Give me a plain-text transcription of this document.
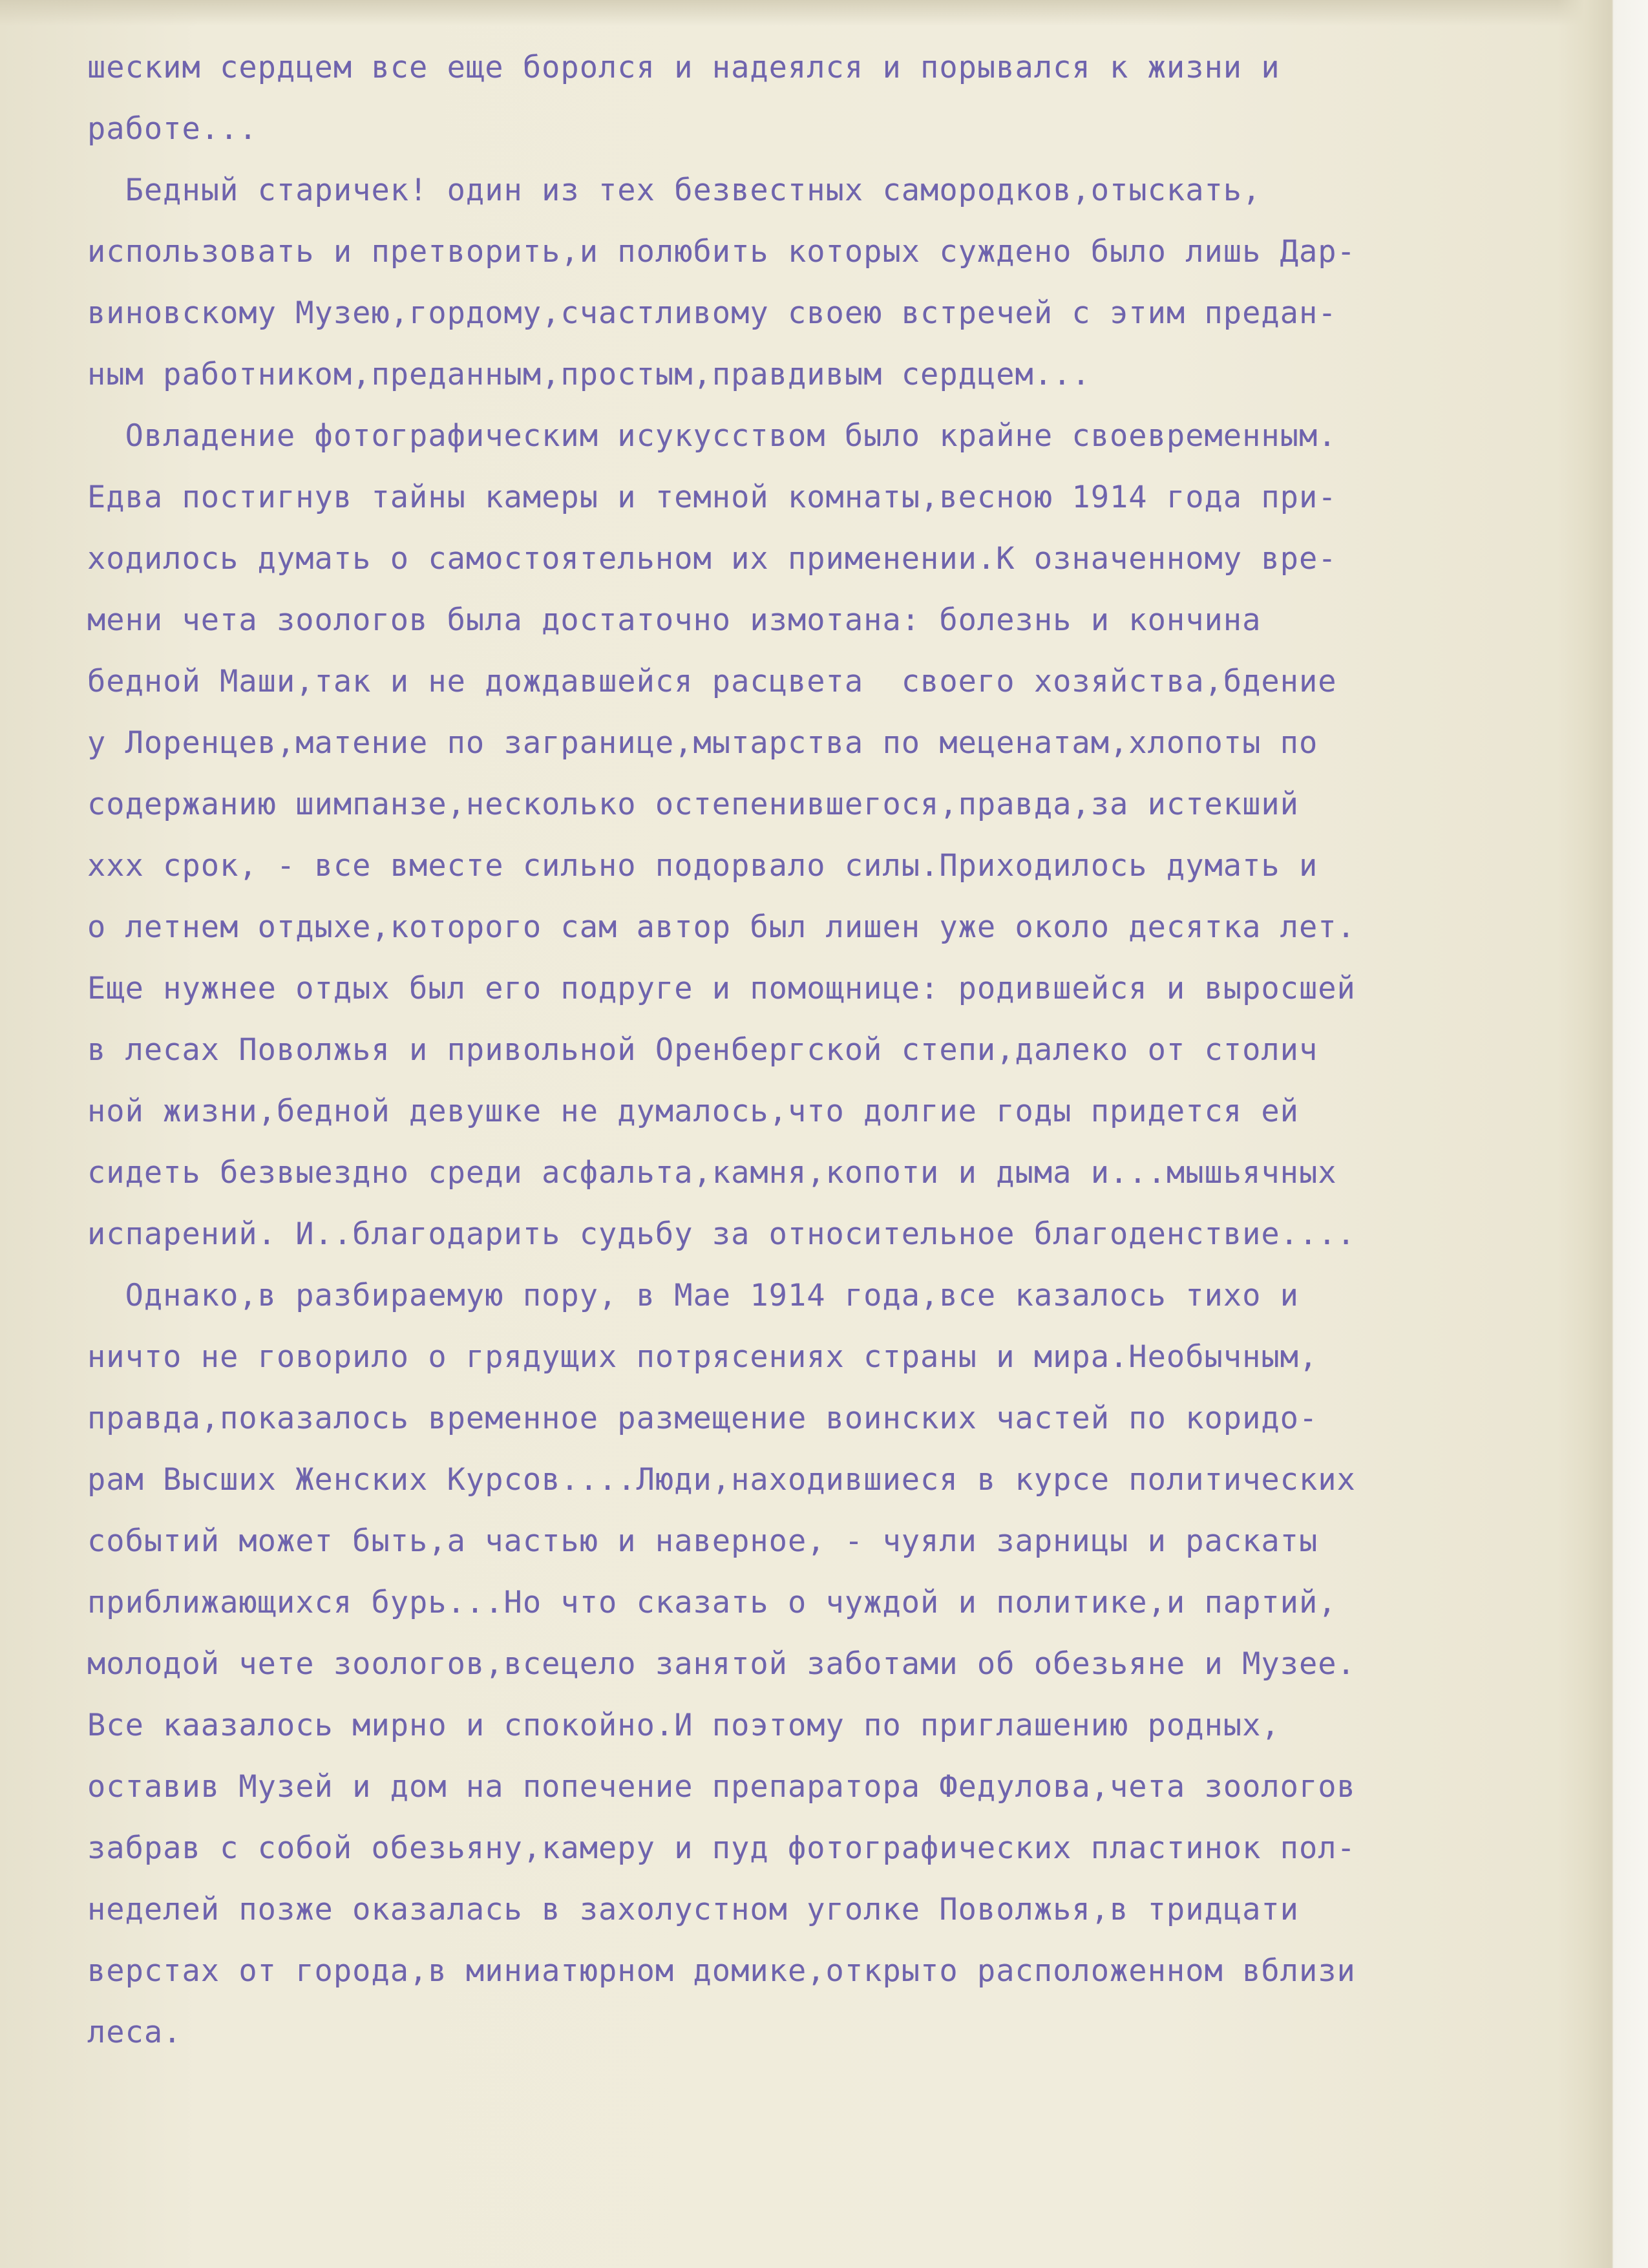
шеским сердцем все еще боролся и надеялся и порывался к жизни и
работе...
Бедный старичек! один из тех безвестных самородков,отыскать,
использовать и претворить,и полюбить которых суждено было лишь Дар-
виновскому Музею,гордому,счастливому своею встречей с этим предан-
ным работником,преданным,простым,правдивым сердцем...
Овладение фотографическим исукусством было крайне своевременным.
Едва постигнув тайны камеры и темной комнаты,весною 1914 года при-
ходилось думать о самостоятельном их применении.К означенному вре-
мени чета зоологов была достаточно измотана: болезнь и кончина
бедной Маши,так и не дождавшейся расцвета  своего хозяйства,бдение
у Лоренцев,матение по загранице,мытарства по меценатам,хлопоты по
содержанию шимпанзе,несколько остепенившегося,правда,за истекший
ххх срок, - все вместе сильно подорвало силы.Приходилось думать и
о летнем отдыхе,которого сам автор был лишен уже около десятка лет.
Еще нужнее отдых был его подруге и помощнице: родившейся и выросшей
в лесах Поволжья и привольной Оренбергской степи,далеко от столич
ной жизни,бедной девушке не думалось,что долгие годы придется ей
сидеть безвыездно среди асфальта,камня,копоти и дыма и...мышьячных
испарений. И..благодарить судьбу за относительное благоденствие....
Однако,в разбираемую пору, в Мае 1914 года,все казалось тихо и
ничто не говорило о грядущих потрясениях страны и мира.Необычным,
правда,показалось временное размещение воинских частей по коридо-
рам Высших Женских Курсов....Люди,находившиеся в курсе политических
событий может быть,а частью и наверное, - чуяли зарницы и раскаты
приближающихся бурь...Но что сказать о чуждой и политике,и партий,
молодой чете зоологов,всецело занятой заботами об обезьяне и Музее.
Все каазалось мирно и спокойно.И поэтому по приглашению родных,
оставив Музей и дом на попечение препаратора Федулова,чета зоологов
забрав с собой обезьяну,камеру и пуд фотографических пластинок пол-
неделей позже оказалась в захолустном уголке Поволжья,в тридцати
верстах от города,в миниатюрном домике,открыто расположенном вблизи
леса.
